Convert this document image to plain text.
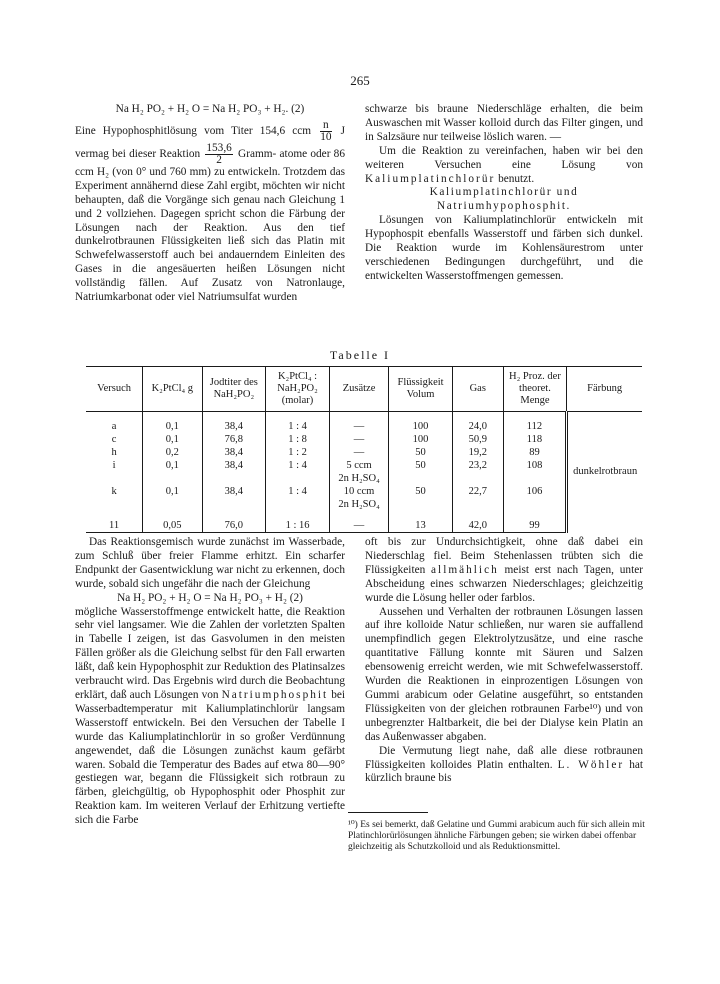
265

Na H₂ PO₂ + H₂ O = Na H₂ PO₃ + H₂. (2)

Eine Hypophosphitlösung vom Titer 154,6 ccm $\frac{n}{10}$ J vermag bei dieser Reaktion $\frac{153,6}{2}$ Gramm- atome oder 86 ccm H₂ (von 0° und 760 mm) zu entwickeln. Trotzdem das Experiment annähernd diese Zahl ergibt, möchten wir nicht behaupten, daß die Vorgänge sich genau nach Gleichung 1 und 2 vollziehen. Dagegen spricht schon die Färbung der Lösungen nach der Reaktion. Aus den tief dunkelrotbraunen Flüssigkeiten ließ sich das Platin mit Schwefelwasserstoff auch bei andauerndem Einleiten des Gases in die angesäuerten heißen Lösungen nicht vollständig fällen. Auf Zusatz von Natronlauge, Natriumkarbonat oder viel Natriumsulfat wurden

schwarze bis braune Niederschläge erhalten, die beim Auswaschen mit Wasser kolloid durch das Filter gingen, und in Salzsäure nur teilweise löslich waren. —

Um die Reaktion zu vereinfachen, haben wir bei den weiteren Versuchen eine Lösung von Kaliumplatinchlorür benutzt.

Kaliumplatinchlorür und Natriumhypophosphit.

Lösungen von Kaliumplatinchlorür entwickeln mit Hypophospit ebenfalls Wasserstoff und färben sich dunkel. Die Reaktion wurde im Kohlensäurestrom unter verschiedenen Bedingungen durchgeführt, und die entwickelten Wasserstoffmengen gemessen.

Tabelle I
Versuch	K₂PtCl₄ g	Jodtiter des NaH₂PO₂	K₂PtCl₄ : NaH₂PO₂ (molar)	Zusätze	Flüssigkeit Volum	Gas	H₂ Proz. der theoret. Menge	Färbung
								dunkelrotbraun
a	0,1	38,4	1 : 4	—	100	24,0	112	
c	0,1	76,8	1 : 8	—	100	50,9	118	
h	0,2	38,4	1 : 2	—	50	19,2	89	
i	0,1	38,4	1 : 4	5 ccm	50	23,2	108	
				2n H₂SO₄				
k	0,1	38,4	1 : 4	10 ccm	50	22,7	106	
				2n H₂SO₄				

11	0,05	76,0	1 : 16	—	13	42,0	99	

Das Reaktionsgemisch wurde zunächst im Wasserbade, zum Schluß über freier Flamme erhitzt. Ein scharfer Endpunkt der Gasentwicklung war nicht zu erkennen, doch wurde, sobald sich ungefähr die nach der Gleichung

Na H₂ PO₂ + H₂ O = Na H₂ PO₃ + H₂ (2)

mögliche Wasserstoffmenge entwickelt hatte, die Reaktion sehr viel langsamer. Wie die Zahlen der vorletzten Spalten in Tabelle I zeigen, ist das Gasvolumen in den meisten Fällen größer als die Gleichung selbst für den Fall erwarten läßt, daß kein Hypophosphit zur Reduktion des Platinsalzes verbraucht wird. Das Ergebnis wird durch die Beobachtung erklärt, daß auch Lösungen von Natriumphosphit bei Wasserbadtemperatur mit Kaliumplatinchlorür langsam Wasserstoff entwickeln. Bei den Versuchen der Tabelle I wurde das Kaliumplatinchlorür in so großer Verdünnung angewendet, daß die Lösungen zunächst kaum gefärbt waren. Sobald die Temperatur des Bades auf etwa 80—90° gestiegen war, begann die Flüssigkeit sich rotbraun zu färben, gleichgültig, ob Hypophosphit oder Phosphit zur Reaktion kam. Im weiteren Verlauf der Erhitzung vertiefte sich die Farbe

oft bis zur Undurchsichtigkeit, ohne daß dabei ein Niederschlag fiel. Beim Stehenlassen trübten sich die Flüssigkeiten allmählich meist erst nach Tagen, unter Abscheidung eines schwarzen Niederschlages; gleichzeitig wurde die Lösung heller oder farblos.

Aussehen und Verhalten der rotbraunen Lösungen lassen auf ihre kolloide Natur schließen, nur waren sie auffallend unempfindlich gegen Elektrolytzusätze, und eine rasche quantitative Fällung konnte mit Säuren und Salzen ebensowenig erreicht werden, wie mit Schwefelwasserstoff. Wurden die Reaktionen in einprozentigen Lösungen von Gummi arabicum oder Gelatine ausgeführt, so entstanden Flüssigkeiten von der gleichen rotbraunen Farbe¹⁰) und von unbegrenzter Haltbarkeit, die bei der Dialyse kein Platin an das Außenwasser abgaben.

Die Vermutung liegt nahe, daß alle diese rotbraunen Flüssigkeiten kolloides Platin enthalten. L. Wöhler hat kürzlich braune bis

¹⁰) Es sei bemerkt, daß Gelatine und Gummi arabicum auch für sich allein mit Platinchlorürlösungen ähnliche Färbungen geben; sie wirken dabei offenbar gleichzeitig als Schutzkolloid und als Reduktionsmittel.
